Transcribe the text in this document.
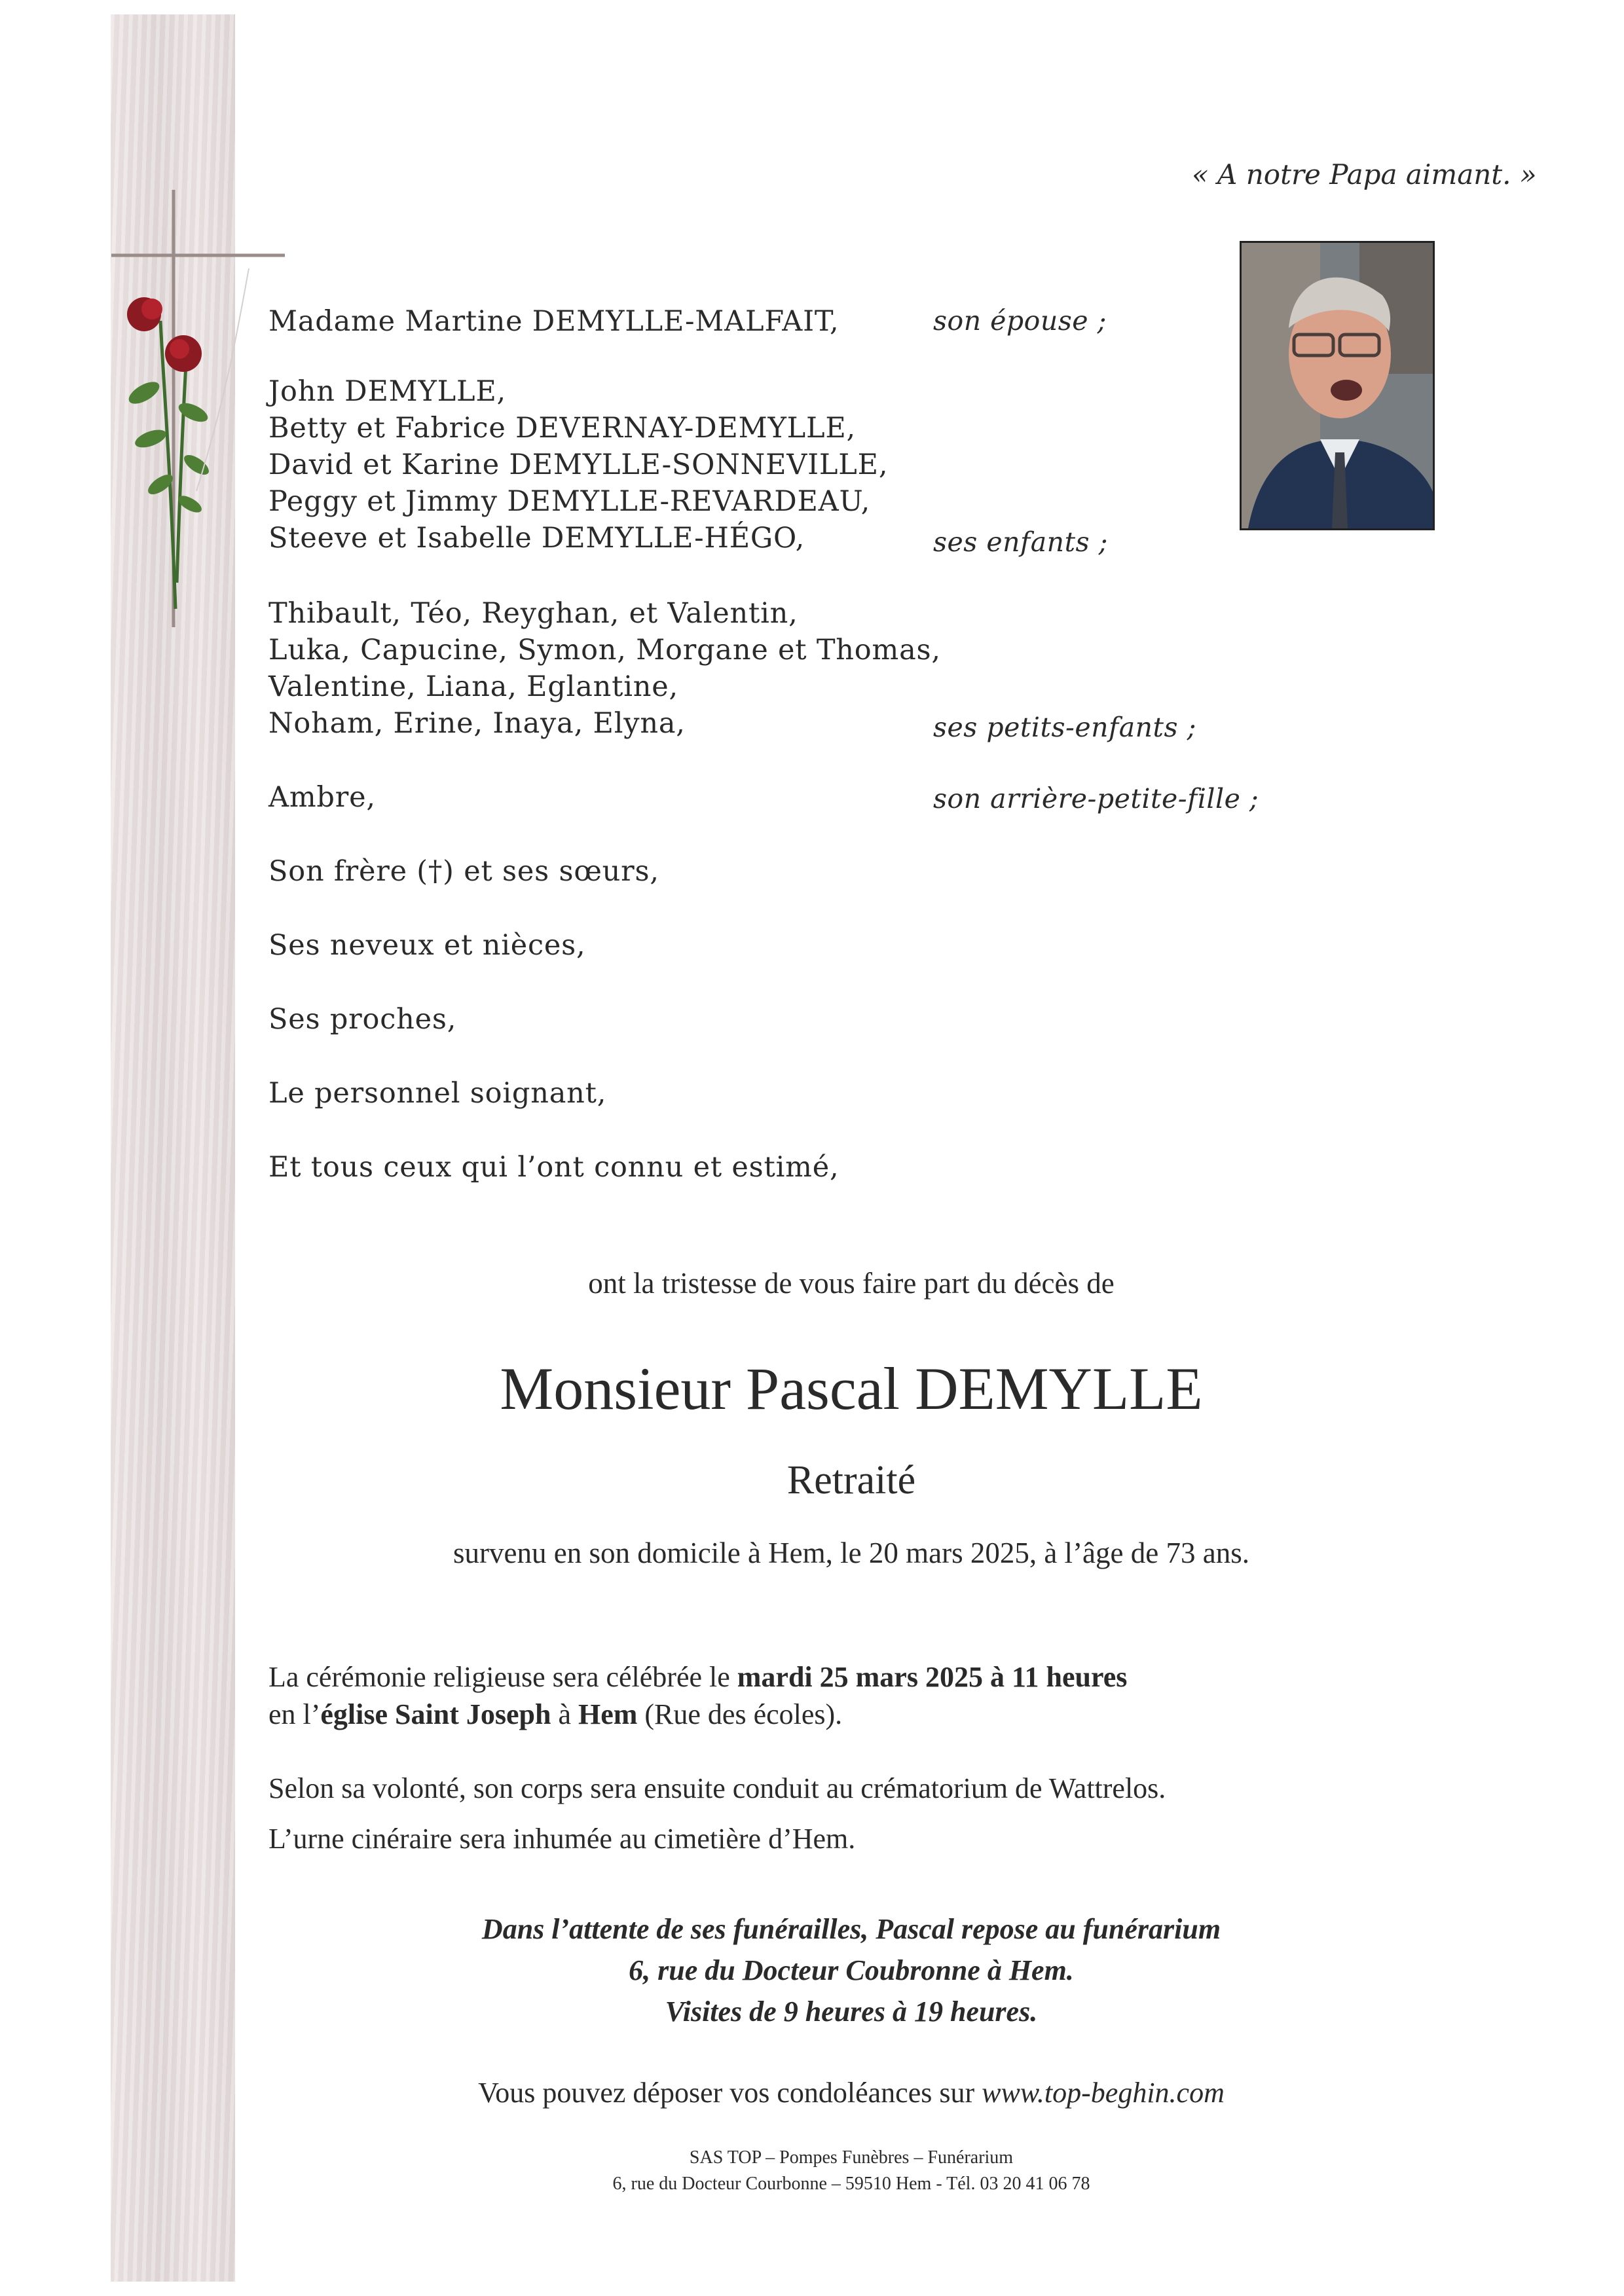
« A notre Papa aimant. »

Madame Martine DEMYLLE-MALFAIT,	son épouse ;

John DEMYLLE,

Betty et Fabrice DEVERNAY-DEMYLLE,

David et Karine DEMYLLE-SONNEVILLE,

Peggy et Jimmy DEMYLLE-REVARDEAU,

Steeve et Isabelle DEMYLLE-HÉGO,	ses enfants ;

Thibault, Téo, Reyghan, et Valentin,

Luka, Capucine, Symon, Morgane et Thomas,

Valentine, Liana, Eglantine,

Noham, Erine, Inaya, Elyna,	ses petits-enfants ;

Ambre,	son arrière-petite-fille ;

Son frère (†) et ses sœurs,

Ses neveux et nièces,

Ses proches,

Le personnel soignant,

Et tous ceux qui l’ont connu et estimé,

ont la tristesse de vous faire part du décès de

Monsieur Pascal DEMYLLE

Retraité

survenu en son domicile à Hem, le 20 mars 2025, à l’âge de 73 ans.

La cérémonie religieuse sera célébrée le mardi 25 mars 2025 à 11 heures

en l’église Saint Joseph à Hem (Rue des écoles).

Selon sa volonté, son corps sera ensuite conduit au crématorium de Wattrelos.

L’urne cinéraire sera inhumée au cimetière d’Hem.

Dans l’attente de ses funérailles, Pascal repose au funérarium

6, rue du Docteur Coubronne à Hem.

Visites de 9 heures à 19 heures.

Vous pouvez déposer vos condoléances sur www.top-beghin.com

SAS TOP – Pompes Funèbres – Funérarium

6, rue du Docteur Courbonne – 59510 Hem - Tél. 03 20 41 06 78
